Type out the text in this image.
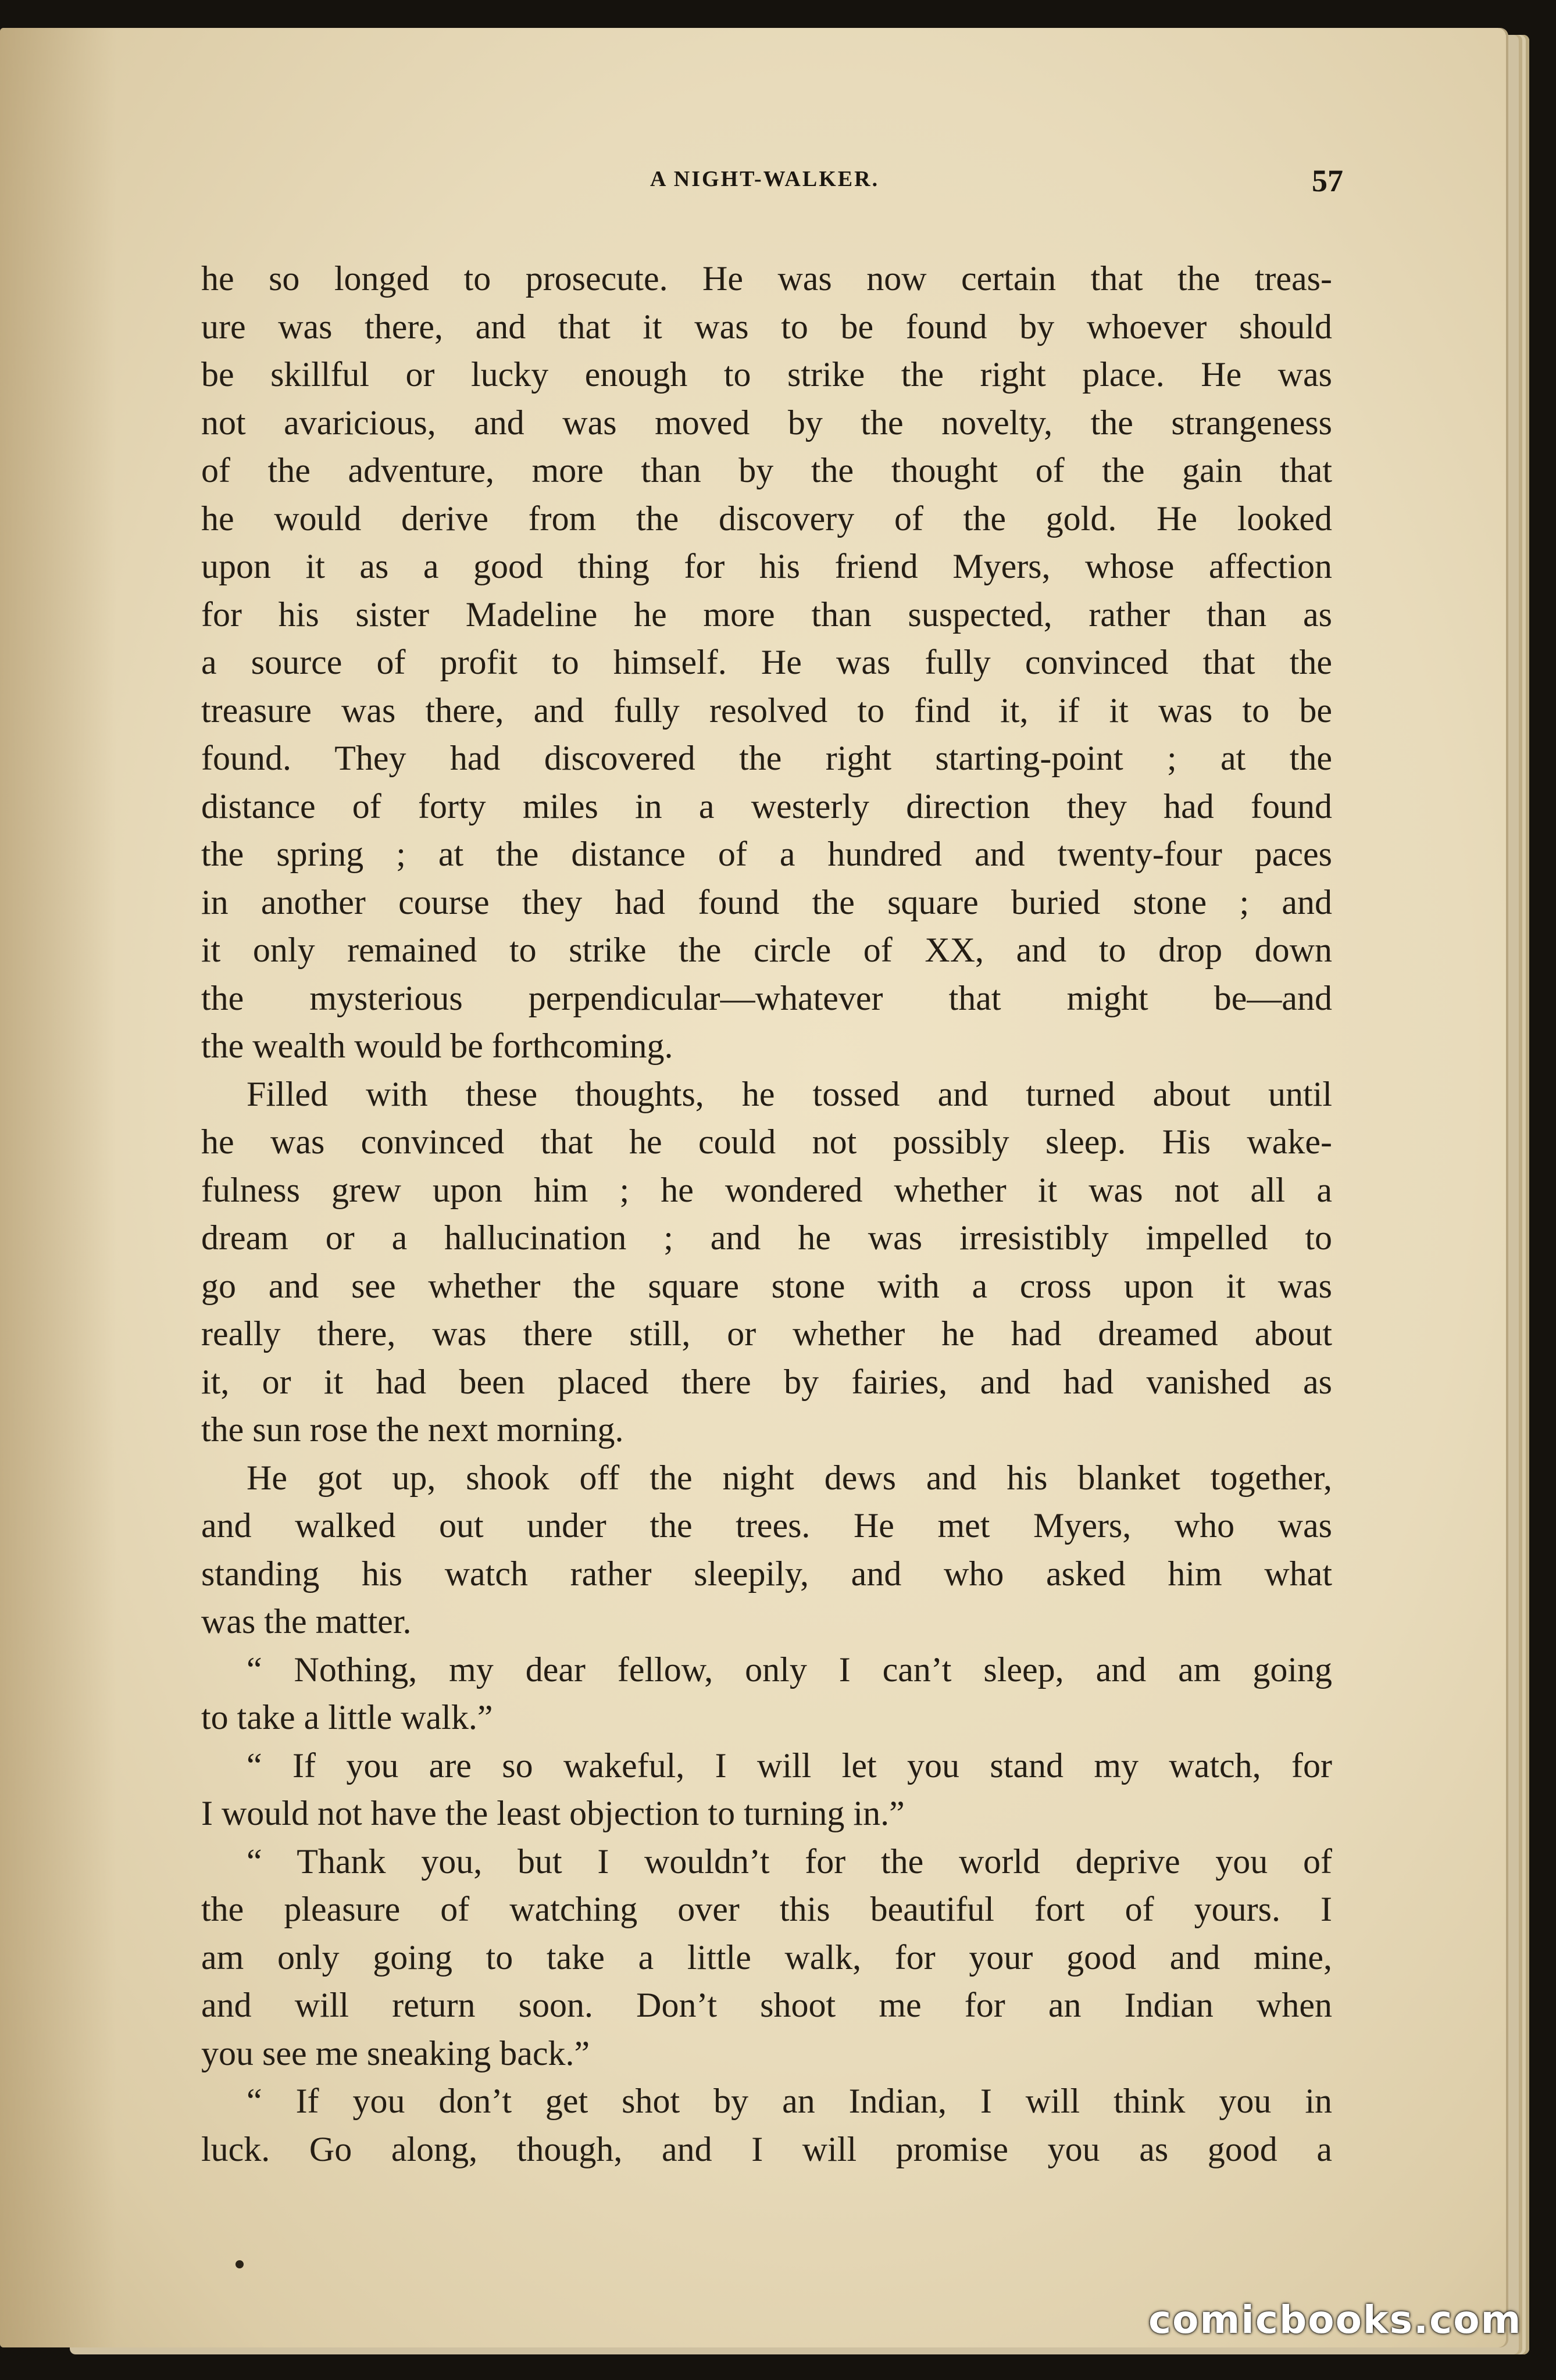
A NIGHT-WALKER.	57
he so longed to prosecute. He was now certain that the treas-
ure was there, and that it was to be found by whoever should
be skillful or lucky enough to strike the right place. He was
not avaricious, and was moved by the novelty, the strangeness
of the adventure, more than by the thought of the gain that
he would derive from the discovery of the gold. He looked
upon it as a good thing for his friend Myers, whose affection
for his sister Madeline he more than suspected, rather than as
a source of profit to himself. He was fully convinced that the
treasure was there, and fully resolved to find it, if it was to be
found. They had discovered the right starting-point ; at the
distance of forty miles in a westerly direction they had found
the spring ; at the distance of a hundred and twenty-four paces
in another course they had found the square buried stone ; and
it only remained to strike the circle of XX, and to drop down
the mysterious perpendicular—whatever that might be—and
the wealth would be forthcoming.
Filled with these thoughts, he tossed and turned about until
he was convinced that he could not possibly sleep. His wake-
fulness grew upon him ; he wondered whether it was not all a
dream or a hallucination ; and he was irresistibly impelled to
go and see whether the square stone with a cross upon it was
really there, was there still, or whether he had dreamed about
it, or it had been placed there by fairies, and had vanished as
the sun rose the next morning.
He got up, shook off the night dews and his blanket together,
and walked out under the trees. He met Myers, who was
standing his watch rather sleepily, and who asked him what
was the matter.
“ Nothing, my dear fellow, only I can’t sleep, and am going
to take a little walk.”
“ If you are so wakeful, I will let you stand my watch, for
I would not have the least objection to turning in.”
“ Thank you, but I wouldn’t for the world deprive you of
the pleasure of watching over this beautiful fort of yours. I
am only going to take a little walk, for your good and mine,
and will return soon. Don’t shoot me for an Indian when
you see me sneaking back.”
“ If you don’t get shot by an Indian, I will think you in
luck. Go along, though, and I will promise you as good a
comicbooks.com
